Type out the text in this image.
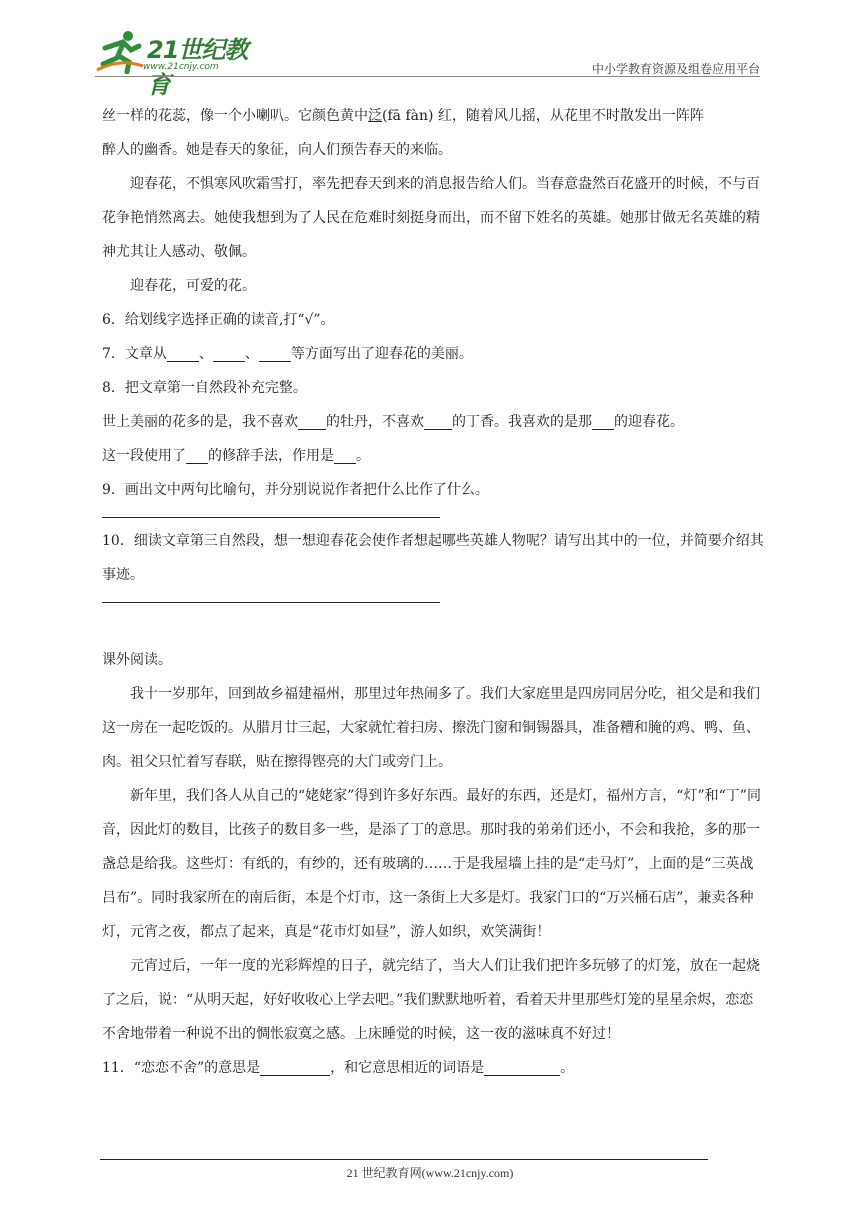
21世纪教育
www.21cnjy.com	中小学教育资源及组卷应用平台

丝一样的花蕊，像一个小喇叭。它颜色黄中泛(fā fàn) 红，随着风儿摇，从花里不时散发出一阵阵

醉人的幽香。她是春天的象征，向人们预告春天的来临。

迎春花，不惧寒风吹霜雪打，率先把春天到来的消息报告给人们。当春意盎然百花盛开的时候，不与百花争艳悄然离去。她使我想到为了人民在危难时刻挺身而出，而不留下姓名的英雄。她那甘做无名英雄的精神尤其让人感动、敬佩。

迎春花，可爱的花。

6．给划线字选择正确的读音,打“√”。

7．文章从 、 、 等方面写出了迎春花的美丽。

8．把文章第一自然段补充完整。

世上美丽的花多的是，我不喜欢 的牡丹，不喜欢 的丁香。我喜欢的是那 的迎春花。

这一段使用了 的修辞手法，作用是 。

9．画出文中两句比喻句，并分别说说作者把什么比作了什么。

10．细读文章第三自然段，想一想迎春花会使作者想起哪些英雄人物呢？请写出其中的一位，并简要介绍其事迹。

课外阅读。

我十一岁那年，回到故乡福建福州，那里过年热闹多了。我们大家庭里是四房同居分吃，祖父是和我们这一房在一起吃饭的。从腊月廿三起，大家就忙着扫房、擦洗门窗和铜锡器具，准备糟和腌的鸡、鸭、鱼、肉。祖父只忙着写春联，贴在擦得铿亮的大门或旁门上。

新年里，我们各人从自己的“姥姥家”得到许多好东西。最好的东西，还是灯，福州方言，“灯”和“丁”同音，因此灯的数目，比孩子的数目多一些，是添了丁的意思。那时我的弟弟们还小，不会和我抢，多的那一盏总是给我。这些灯：有纸的，有纱的，还有玻璃的……于是我屋墙上挂的是“走马灯”，上面的是“三英战吕布”。同时我家所在的南后街，本是个灯市，这一条街上大多是灯。我家门口的“万兴桶石店”，兼卖各种灯，元宵之夜，都点了起来，真是“花市灯如昼”，游人如织，欢笑满街！

元宵过后，一年一度的光彩辉煌的日子，就完结了，当大人们让我们把许多玩够了的灯笼，放在一起烧了之后，说：“从明天起，好好收收心上学去吧。”我们默默地听着，看着天井里那些灯笼的星星余烬，恋恋不舍地带着一种说不出的惆怅寂寞之感。上床睡觉的时候，这一夜的滋味真不好过！

11．“恋恋不舍”的意思是	，和它意思相近的词语是	。

21 世纪教育网(www.21cnjy.com)
